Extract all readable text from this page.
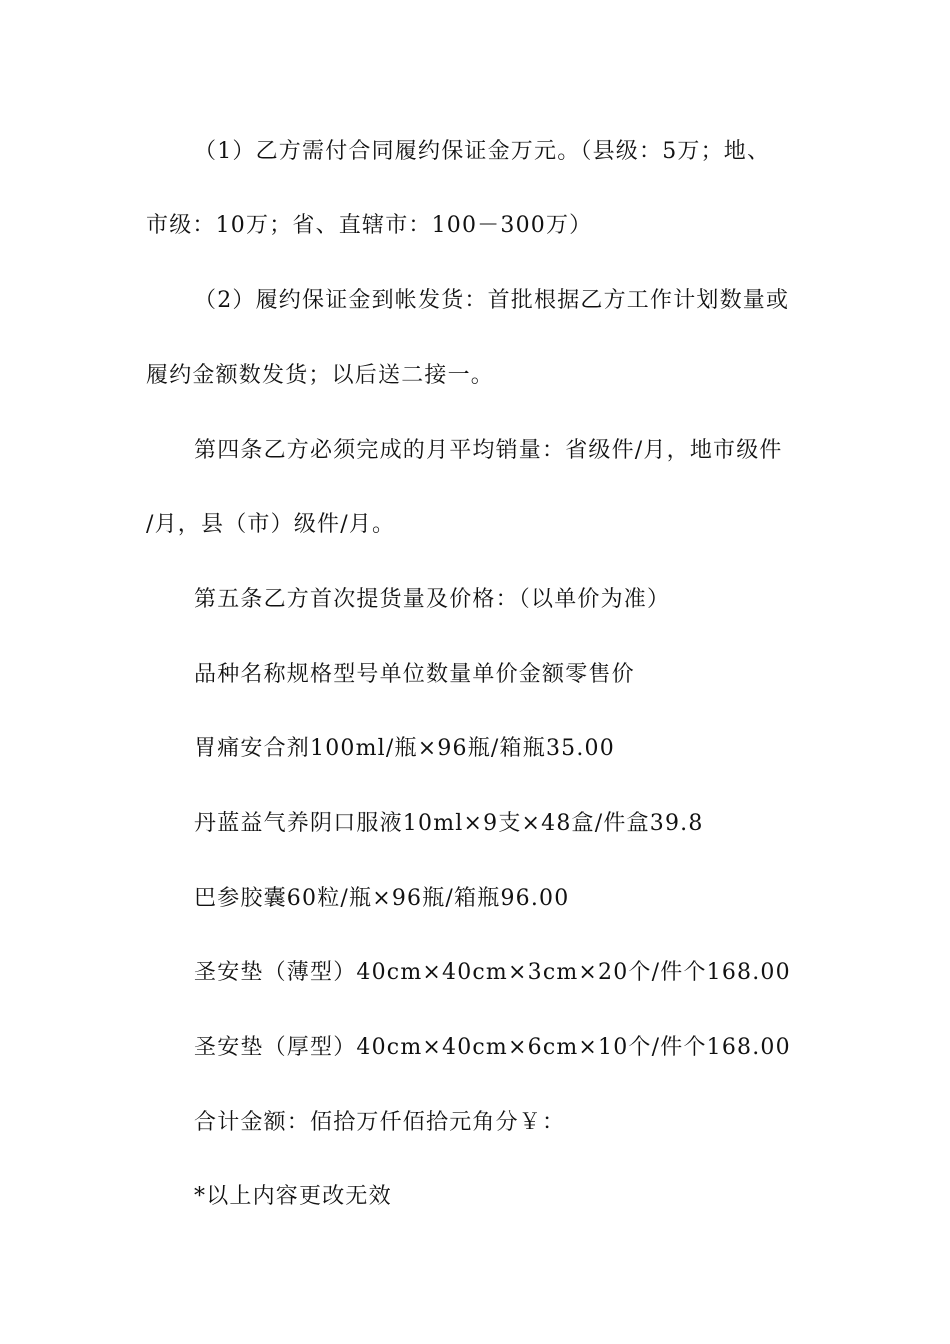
（1）乙方需付合同履约保证金万元。（县级：5万；地、
市级：10万；省、直辖市：100－300万）
（2）履约保证金到帐发货：首批根据乙方工作计划数量或
履约金额数发货；以后送二接一。
第四条乙方必须完成的月平均销量：省级件/月，地市级件
/月，县（市）级件/月。
第五条乙方首次提货量及价格：（以单价为准）
品种名称规格型号单位数量单价金额零售价
胃痛安合剂100ml/瓶×96瓶/箱瓶35.00
丹蓝益气养阴口服液10ml×9支×48盒/件盒39.8
巴参胶囊60粒/瓶×96瓶/箱瓶96.00
圣安垫（薄型）40cm×40cm×3cm×20个/件个168.00
圣安垫（厚型）40cm×40cm×6cm×10个/件个168.00
合计金额：佰拾万仟佰拾元角分￥：
*以上内容更改无效
